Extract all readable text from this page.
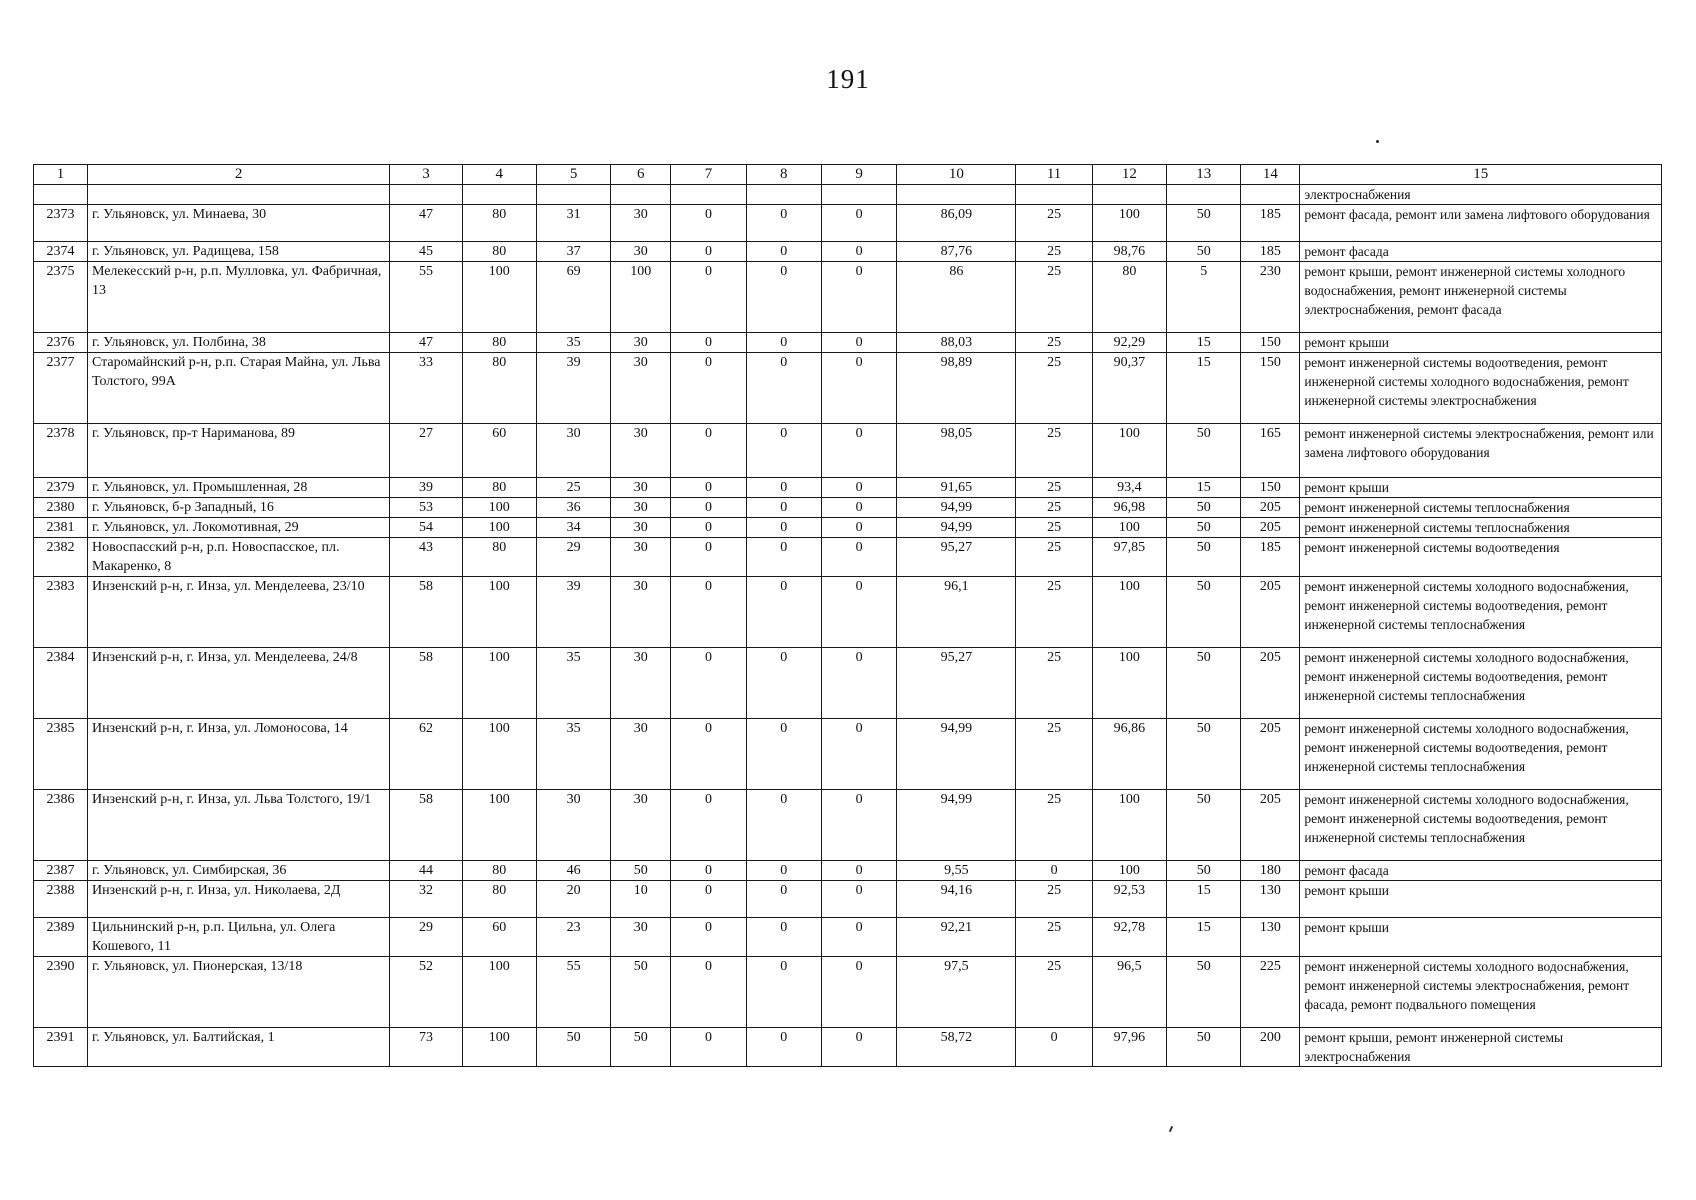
191
1	2	3	4	5	6	7	8	9	10	11	12	13	14	15
														электроснабжения
2373	г. Ульяновск, ул. Минаева, 30	47	80	31	30	0	0	0	86,09	25	100	50	185	ремонт фасада, ремонт или замена лифтового оборудования
2374	г. Ульяновск, ул. Радищева, 158	45	80	37	30	0	0	0	87,76	25	98,76	50	185	ремонт фасада
2375	Мелекесский р-н, р.п. Мулловка, ул. Фабричная, 13	55	100	69	100	0	0	0	86	25	80	5	230	ремонт крыши, ремонт инженерной системы холодного водоснабжения, ремонт инженерной системы электроснабжения, ремонт фасада
2376	г. Ульяновск, ул. Полбина, 38	47	80	35	30	0	0	0	88,03	25	92,29	15	150	ремонт крыши
2377	Старомайнский р-н, р.п. Старая Майна, ул. Льва Толстого, 99А	33	80	39	30	0	0	0	98,89	25	90,37	15	150	ремонт инженерной системы водоотведения, ремонт инженерной системы холодного водоснабжения, ремонт инженерной системы электроснабжения
2378	г. Ульяновск, пр-т Нариманова, 89	27	60	30	30	0	0	0	98,05	25	100	50	165	ремонт инженерной системы электроснабжения, ремонт или замена лифтового оборудования
2379	г. Ульяновск, ул. Промышленная, 28	39	80	25	30	0	0	0	91,65	25	93,4	15	150	ремонт крыши
2380	г. Ульяновск, б-р Западный, 16	53	100	36	30	0	0	0	94,99	25	96,98	50	205	ремонт инженерной системы теплоснабжения
2381	г. Ульяновск, ул. Локомотивная, 29	54	100	34	30	0	0	0	94,99	25	100	50	205	ремонт инженерной системы теплоснабжения
2382	Новоспасский р-н, р.п. Новоспасское, пл. Макаренко, 8	43	80	29	30	0	0	0	95,27	25	97,85	50	185	ремонт инженерной системы водоотведения
2383	Инзенский р-н, г. Инза, ул. Менделеева, 23/10	58	100	39	30	0	0	0	96,1	25	100	50	205	ремонт инженерной системы холодного водоснабжения, ремонт инженерной системы водоотведения, ремонт инженерной системы теплоснабжения
2384	Инзенский р-н, г. Инза, ул. Менделеева, 24/8	58	100	35	30	0	0	0	95,27	25	100	50	205	ремонт инженерной системы холодного водоснабжения, ремонт инженерной системы водоотведения, ремонт инженерной системы теплоснабжения
2385	Инзенский р-н, г. Инза, ул. Ломоносова, 14	62	100	35	30	0	0	0	94,99	25	96,86	50	205	ремонт инженерной системы холодного водоснабжения, ремонт инженерной системы водоотведения, ремонт инженерной системы теплоснабжения
2386	Инзенский р-н, г. Инза, ул. Льва Толстого, 19/1	58	100	30	30	0	0	0	94,99	25	100	50	205	ремонт инженерной системы холодного водоснабжения, ремонт инженерной системы водоотведения, ремонт инженерной системы теплоснабжения
2387	г. Ульяновск, ул. Симбирская, 36	44	80	46	50	0	0	0	9,55	0	100	50	180	ремонт фасада
2388	Инзенский р-н, г. Инза, ул. Николаева, 2Д	32	80	20	10	0	0	0	94,16	25	92,53	15	130	ремонт крыши
2389	Цильнинский р-н, р.п. Цильна, ул. Олега Кошевого, 11	29	60	23	30	0	0	0	92,21	25	92,78	15	130	ремонт крыши
2390	г. Ульяновск, ул. Пионерская, 13/18	52	100	55	50	0	0	0	97,5	25	96,5	50	225	ремонт инженерной системы холодного водоснабжения, ремонт инженерной системы электроснабжения, ремонт фасада, ремонт подвального помещения
2391	г. Ульяновск, ул. Балтийская, 1	73	100	50	50	0	0	0	58,72	0	97,96	50	200	ремонт крыши, ремонт инженерной системы электроснабжения
